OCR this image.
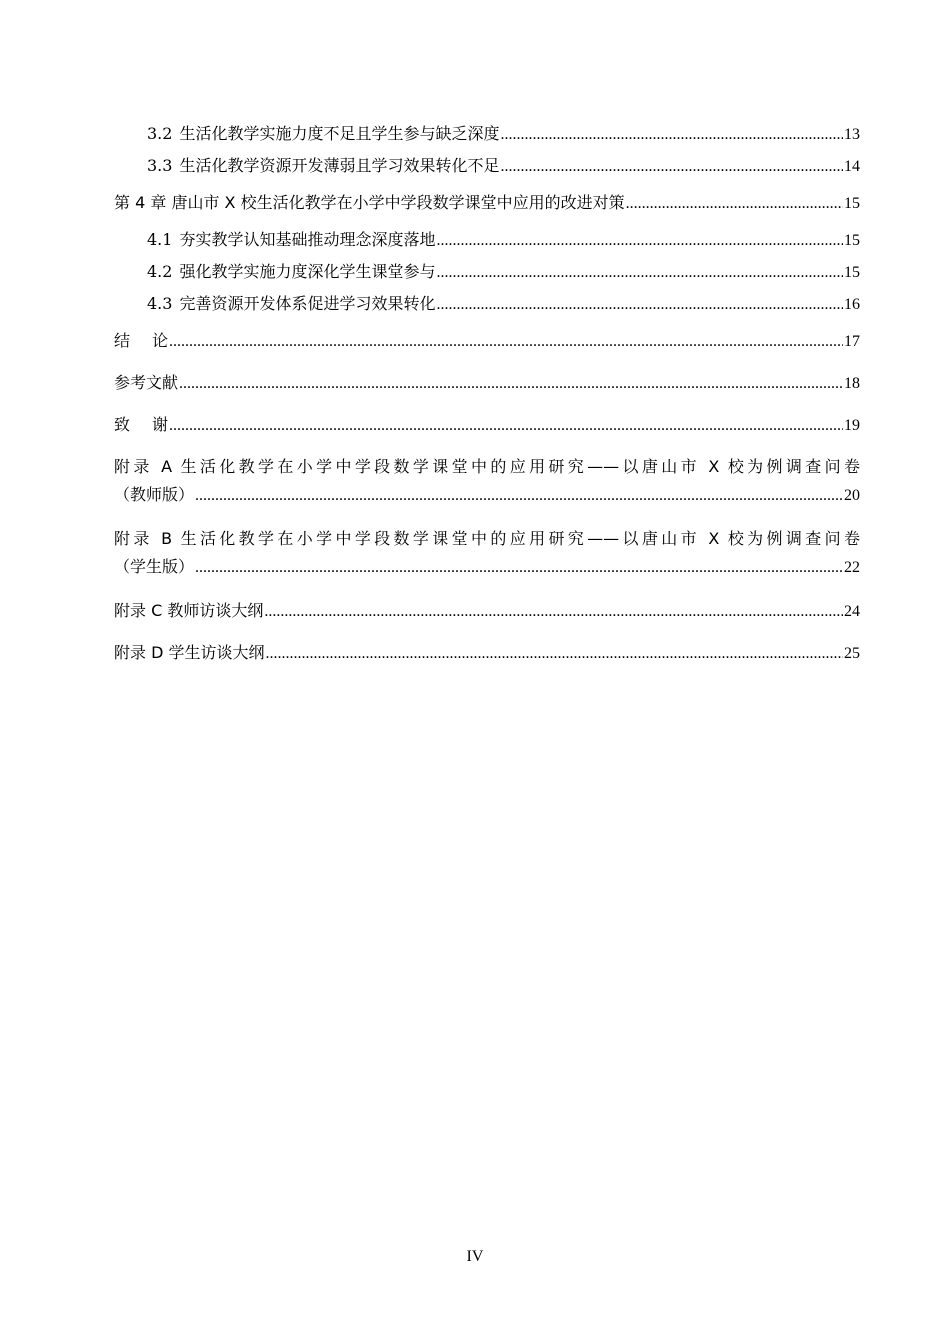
3.2 生活化教学实施力度不足且学生参与缺乏深度 .....	13
3.3 生活化教学资源开发薄弱且学习效果转化不足 .....	14
第 4 章 唐山市 X 校生活化教学在小学中学段数学课堂中应用的改进对策 .....	15
4.1 夯实教学认知基础推动理念深度落地 .....	15
4.2 强化教学实施力度深化学生课堂参与 .....	15
4.3 完善资源开发体系促进学习效果转化 .....	16
结 论 .....	17
参考文献 .....	18
致 谢 .....	19
附录 A 生活化教学在小学中学段数学课堂中的应用研究——以唐山市 X 校为例调查问卷
（教师版） .....	20
附录 B 生活化教学在小学中学段数学课堂中的应用研究——以唐山市 X 校为例调查问卷
（学生版） .....	22
附录 C 教师访谈大纲 .....	24
附录 D 学生访谈大纲 .....	25
IV
